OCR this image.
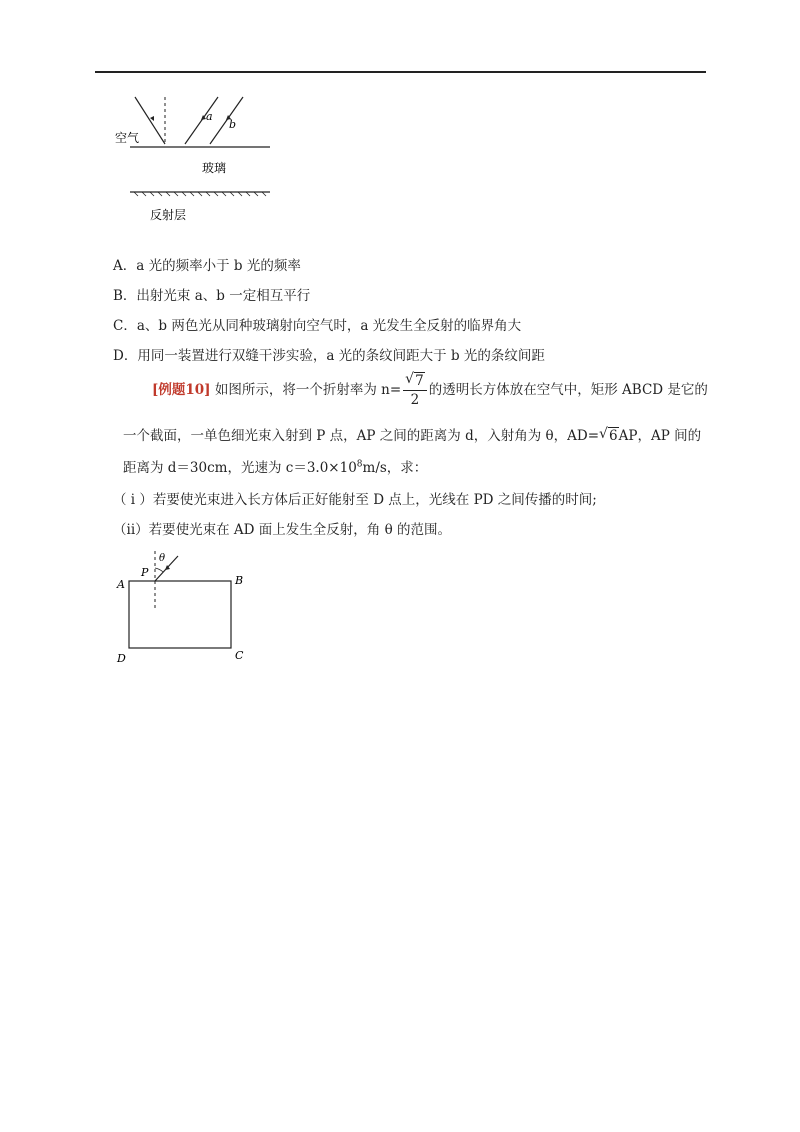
空气
玻璃
反射层
a
b
A．a 光的频率小于 b 光的频率
B．出射光束 a、b 一定相互平行
C．a、b 两色光从同种玻璃射向空气时，a 光发生全反射的临界角大
D．用同一装置进行双缝干涉实验，a 光的条纹间距大于 b 光的条纹间距
[例题10] 如图所示，将一个折射率为 $n= \frac{√ 7}{2}$ 的透明长方体放在空气中，矩形 ABCD 是它的
一个截面，一单色细光束入射到 P 点，AP 之间的距离为 d，入射角为 θ，AD= √ 6AP，AP 间的
距离为 d＝30cm，光速为 $c=3.0\times 10^8m/s$，求：
（ i ）若要使光束进入长方体后正好能射至 D 点上，光线在 PD 之间传播的时间;
（ii）若要使光束在 AD 面上发生全反射，角 θ 的范围。
A	B
C
D
P
θ
